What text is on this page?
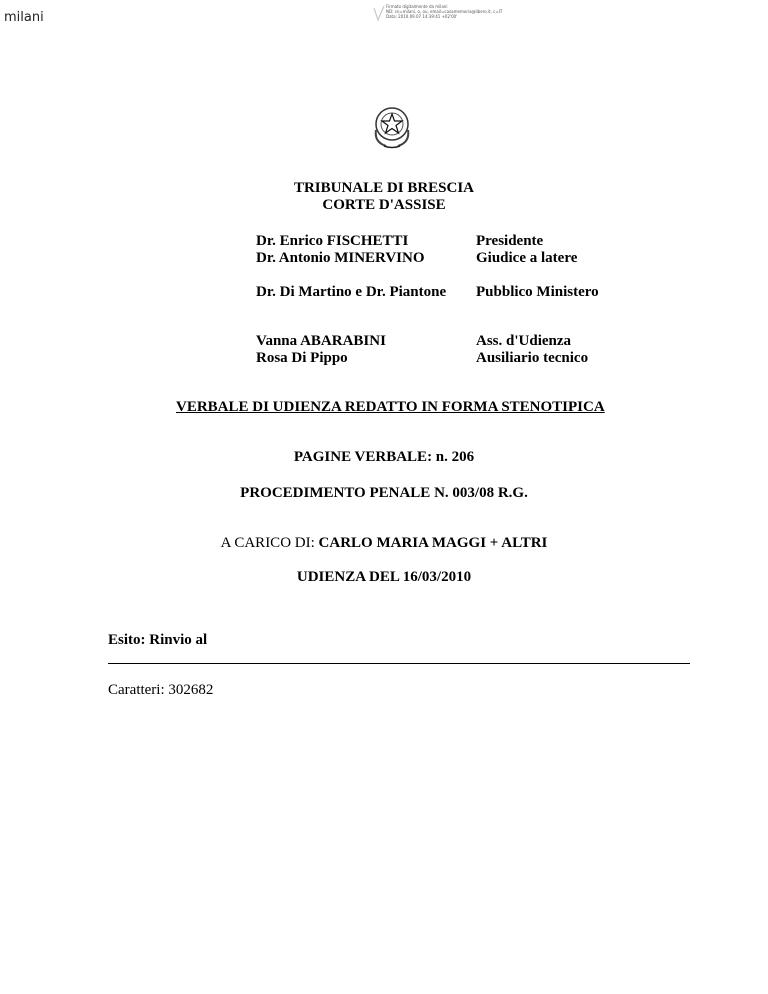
milani
Firmato digitalmente da milani
ND: cn=milani, o, ou, email=casamemoria@libero.it, c=IT
Data: 2010.09.07 14:39:41 +02'00'
TRIBUNALE DI BRESCIA
CORTE D'ASSISE
Dr. Enrico FISCHETTI
Dr. Antonio MINERVINO
Presidente
Giudice a latere
Dr. Di Martino e Dr. Piantone Pubblico Ministero
Vanna ABARABINI
Rosa Di Pippo
Ass. d'Udienza
Ausiliario tecnico
VERBALE DI UDIENZA REDATTO IN FORMA STENOTIPICA
PAGINE VERBALE: n. 206
PROCEDIMENTO PENALE N. 003/08 R.G.
A CARICO DI: CARLO MARIA MAGGI + ALTRI
UDIENZA DEL 16/03/2010
Esito: Rinvio al
Caratteri: 302682
